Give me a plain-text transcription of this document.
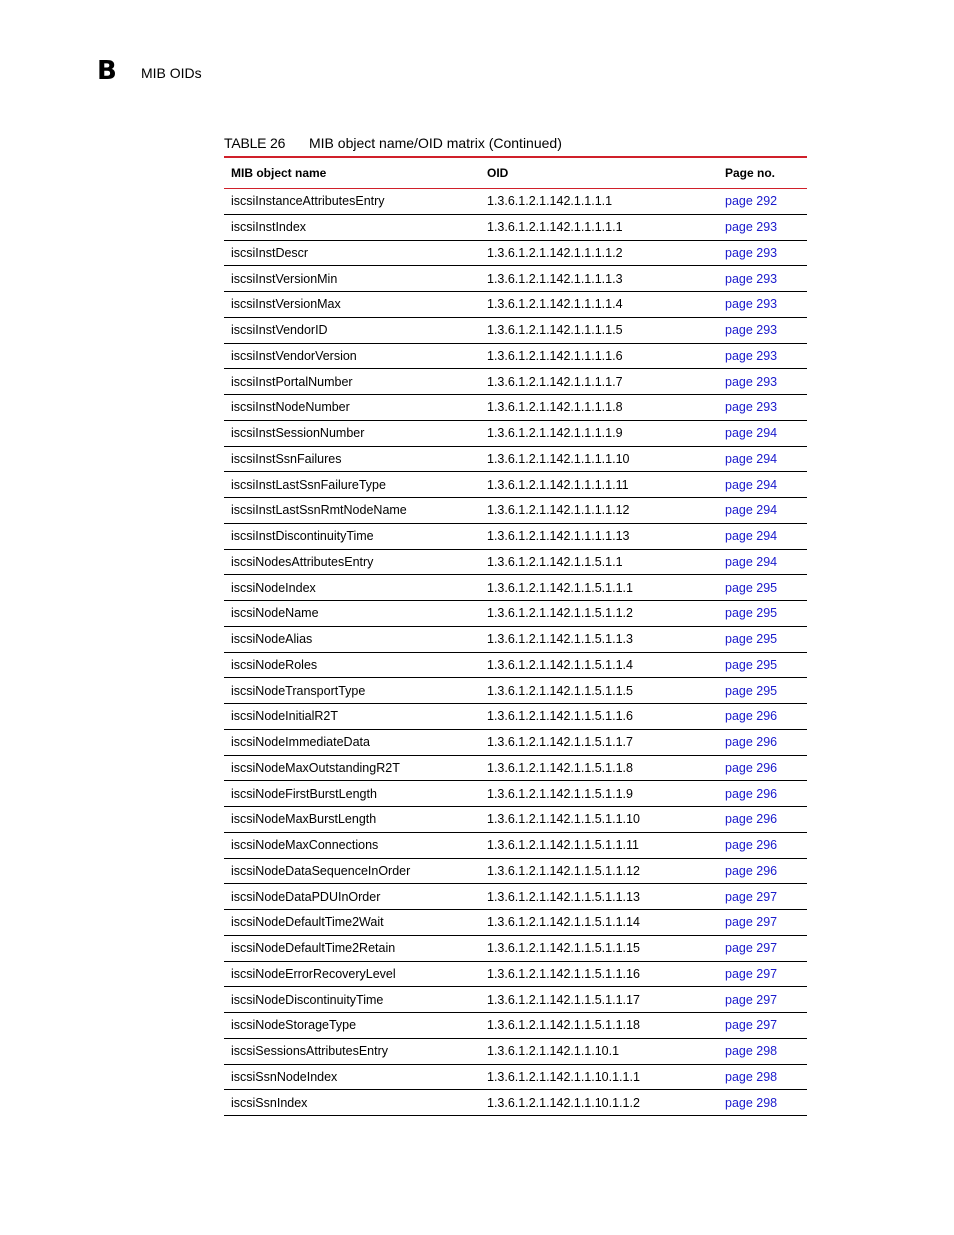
B MIB OIDs
TABLE 26 MIB object name/OID matrix (Continued)
MIB object name	OID	Page no.
iscsiInstanceAttributesEntry	1.3.6.1.2.1.142.1.1.1.1	page 292
iscsiInstIndex	1.3.6.1.2.1.142.1.1.1.1.1	page 293
iscsiInstDescr	1.3.6.1.2.1.142.1.1.1.1.2	page 293
iscsiInstVersionMin	1.3.6.1.2.1.142.1.1.1.1.3	page 293
iscsiInstVersionMax	1.3.6.1.2.1.142.1.1.1.1.4	page 293
iscsiInstVendorID	1.3.6.1.2.1.142.1.1.1.1.5	page 293
iscsiInstVendorVersion	1.3.6.1.2.1.142.1.1.1.1.6	page 293
iscsiInstPortalNumber	1.3.6.1.2.1.142.1.1.1.1.7	page 293
iscsiInstNodeNumber	1.3.6.1.2.1.142.1.1.1.1.8	page 293
iscsiInstSessionNumber	1.3.6.1.2.1.142.1.1.1.1.9	page 294
iscsiInstSsnFailures	1.3.6.1.2.1.142.1.1.1.1.10	page 294
iscsiInstLastSsnFailureType	1.3.6.1.2.1.142.1.1.1.1.11	page 294
iscsiInstLastSsnRmtNodeName	1.3.6.1.2.1.142.1.1.1.1.12	page 294
iscsiInstDiscontinuityTime	1.3.6.1.2.1.142.1.1.1.1.13	page 294
iscsiNodesAttributesEntry	1.3.6.1.2.1.142.1.1.5.1.1	page 294
iscsiNodeIndex	1.3.6.1.2.1.142.1.1.5.1.1.1	page 295
iscsiNodeName	1.3.6.1.2.1.142.1.1.5.1.1.2	page 295
iscsiNodeAlias	1.3.6.1.2.1.142.1.1.5.1.1.3	page 295
iscsiNodeRoles	1.3.6.1.2.1.142.1.1.5.1.1.4	page 295
iscsiNodeTransportType	1.3.6.1.2.1.142.1.1.5.1.1.5	page 295
iscsiNodeInitialR2T	1.3.6.1.2.1.142.1.1.5.1.1.6	page 296
iscsiNodeImmediateData	1.3.6.1.2.1.142.1.1.5.1.1.7	page 296
iscsiNodeMaxOutstandingR2T	1.3.6.1.2.1.142.1.1.5.1.1.8	page 296
iscsiNodeFirstBurstLength	1.3.6.1.2.1.142.1.1.5.1.1.9	page 296
iscsiNodeMaxBurstLength	1.3.6.1.2.1.142.1.1.5.1.1.10	page 296
iscsiNodeMaxConnections	1.3.6.1.2.1.142.1.1.5.1.1.11	page 296
iscsiNodeDataSequenceInOrder	1.3.6.1.2.1.142.1.1.5.1.1.12	page 296
iscsiNodeDataPDUInOrder	1.3.6.1.2.1.142.1.1.5.1.1.13	page 297
iscsiNodeDefaultTime2Wait	1.3.6.1.2.1.142.1.1.5.1.1.14	page 297
iscsiNodeDefaultTime2Retain	1.3.6.1.2.1.142.1.1.5.1.1.15	page 297
iscsiNodeErrorRecoveryLevel	1.3.6.1.2.1.142.1.1.5.1.1.16	page 297
iscsiNodeDiscontinuityTime	1.3.6.1.2.1.142.1.1.5.1.1.17	page 297
iscsiNodeStorageType	1.3.6.1.2.1.142.1.1.5.1.1.18	page 297
iscsiSessionsAttributesEntry	1.3.6.1.2.1.142.1.1.10.1	page 298
iscsiSsnNodeIndex	1.3.6.1.2.1.142.1.1.10.1.1.1	page 298
iscsiSsnIndex	1.3.6.1.2.1.142.1.1.10.1.1.2	page 298
